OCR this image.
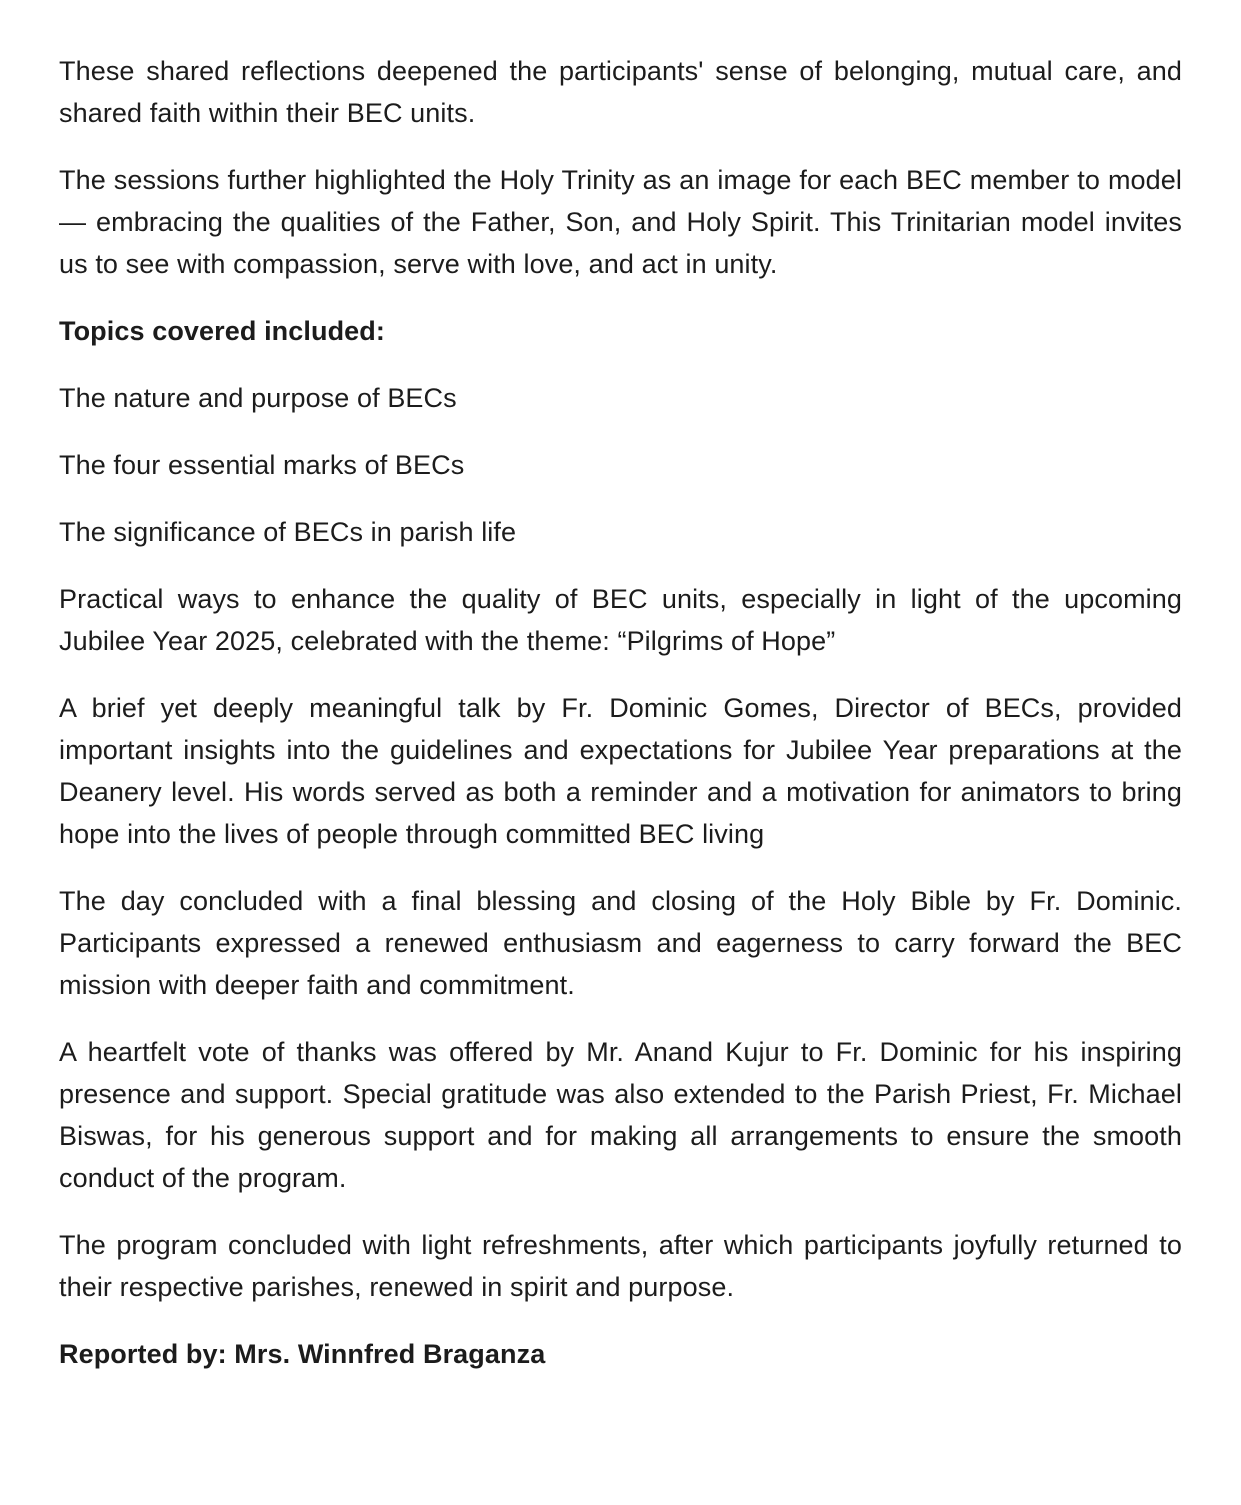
These shared reflections deepened the participants' sense of belonging, mutual care, and shared faith within their BEC units.

The sessions further highlighted the Holy Trinity as an image for each BEC member to model — embracing the qualities of the Father, Son, and Holy Spirit. This Trinitarian model invites us to see with compassion, serve with love, and act in unity.

Topics covered included:

The nature and purpose of BECs

The four essential marks of BECs

The significance of BECs in parish life

Practical ways to enhance the quality of BEC units, especially in light of the upcoming Jubilee Year 2025, celebrated with the theme: “Pilgrims of Hope”

A brief yet deeply meaningful talk by Fr. Dominic Gomes, Director of BECs, provided important insights into the guidelines and expectations for Jubilee Year preparations at the Deanery level. His words served as both a reminder and a motivation for animators to bring hope into the lives of people through committed BEC living

The day concluded with a final blessing and closing of the Holy Bible by Fr. Dominic. Participants expressed a renewed enthusiasm and eagerness to carry forward the BEC mission with deeper faith and commitment.

A heartfelt vote of thanks was offered by Mr. Anand Kujur to Fr. Dominic for his inspiring presence and support. Special gratitude was also extended to the Parish Priest, Fr. Michael Biswas, for his generous support and for making all arrangements to ensure the smooth conduct of the program.

The program concluded with light refreshments, after which participants joyfully returned to their respective parishes, renewed in spirit and purpose.

Reported by: Mrs. Winnfred Braganza
